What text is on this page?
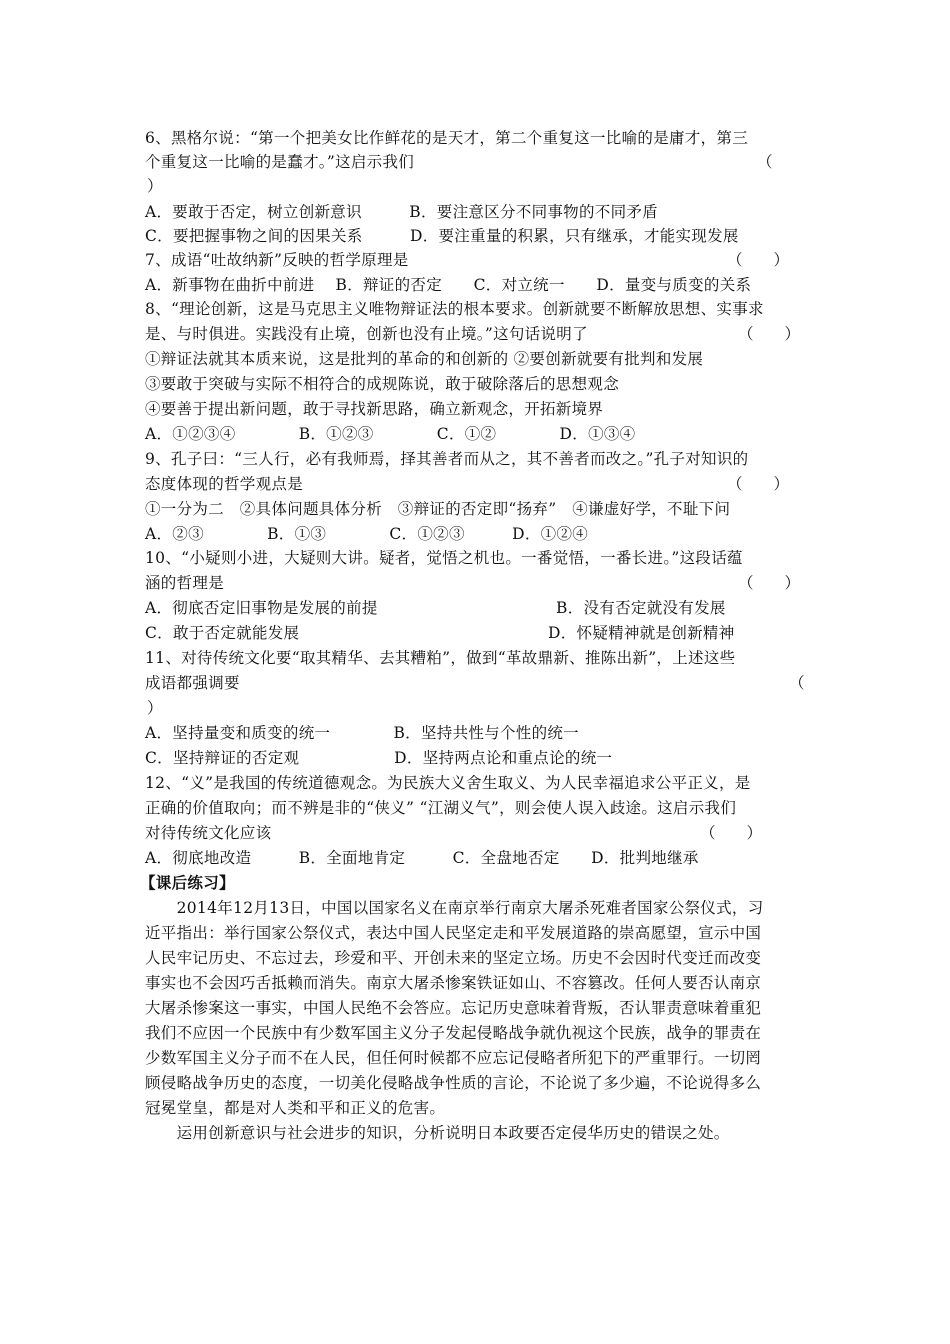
6、黑格尔说：“第一个把美女比作鲜花的是天才，第二个重复这一比喻的是庸才，第三
个重复这一比喻的是蠢才。”这启示我们	（
）
A．要敢于否定，树立创新意识　　　B．要注意区分不同事物的不同矛盾
C．要把握事物之间的因果关系　　　D．要注重量的积累，只有继承，才能实现发展
7、成语“吐故纳新”反映的哲学原理是	（　　）
A．新事物在曲折中前进　 B．辩证的否定　　C．对立统一　　D．量变与质变的关系
8、“理论创新，这是马克思主义唯物辩证法的根本要求。创新就要不断解放思想、实事求
是、与时俱进。实践没有止境，创新也没有止境。”这句话说明了	（　　）
①辩证法就其本质来说，这是批判的革命的和创新的 ②要创新就要有批判和发展
③要敢于突破与实际不相符合的成规陈说，敢于破除落后的思想观念
④要善于提出新问题，敢于寻找新思路，确立新观念，开拓新境界
A．①②③④　　　　B．①②③　　　　C．①②　　　　D．①③④
9、孔子曰：“三人行，必有我师焉，择其善者而从之，其不善者而改之。”孔子对知识的
态度体现的哲学观点是	（　　）
①一分为二　②具体问题具体分析　③辩证的否定即“扬弃”　④谦虚好学，不耻下问
A．②③　　　　B．①③　　　　C．①②③　　　D．①②④
10、“小疑则小进，大疑则大讲。疑者，觉悟之机也。一番觉悟，一番长进。”这段话蕴
涵的哲理是	（　　）
A．彻底否定旧事物是发展的前提	B．没有否定就没有发展
C．敢于否定就能发展	D．怀疑精神就是创新精神
11、对待传统文化要“取其精华、去其糟粕”，做到“革故鼎新、推陈出新”，上述这些
成语都强调要	（
）
A．坚持量变和质变的统一　　　　B．坚持共性与个性的统一
C．坚持辩证的否定观　　　　　　D．坚持两点论和重点论的统一
12、“义”是我国的传统道德观念。为民族大义舍生取义、为人民幸福追求公平正义，是
正确的价值取向；而不辨是非的“侠义” “江湖义气”，则会使人误入歧途。这启示我们
对待传统文化应该	（　　）
A．彻底地改造　　　B．全面地肯定　　　C．全盘地否定　　D．批判地继承
【课后练习】
　　2014年12月13日，中国以国家名义在南京举行南京大屠杀死难者国家公祭仪式，习
近平指出：举行国家公祭仪式，表达中国人民坚定走和平发展道路的崇高愿望，宣示中国
人民牢记历史、不忘过去，珍爱和平、开创未来的坚定立场。历史不会因时代变迁而改变
事实也不会因巧舌抵赖而消失。南京大屠杀惨案铁证如山、不容篡改。任何人要否认南京
大屠杀惨案这一事实，中国人民绝不会答应。忘记历史意味着背叛，否认罪责意味着重犯
我们不应因一个民族中有少数军国主义分子发起侵略战争就仇视这个民族，战争的罪责在
少数军国主义分子而不在人民，但任何时候都不应忘记侵略者所犯下的严重罪行。一切罔
顾侵略战争历史的态度，一切美化侵略战争性质的言论，不论说了多少遍，不论说得多么
冠冕堂皇，都是对人类和平和正义的危害。
　　运用创新意识与社会进步的知识，分析说明日本政要否定侵华历史的错误之处。
